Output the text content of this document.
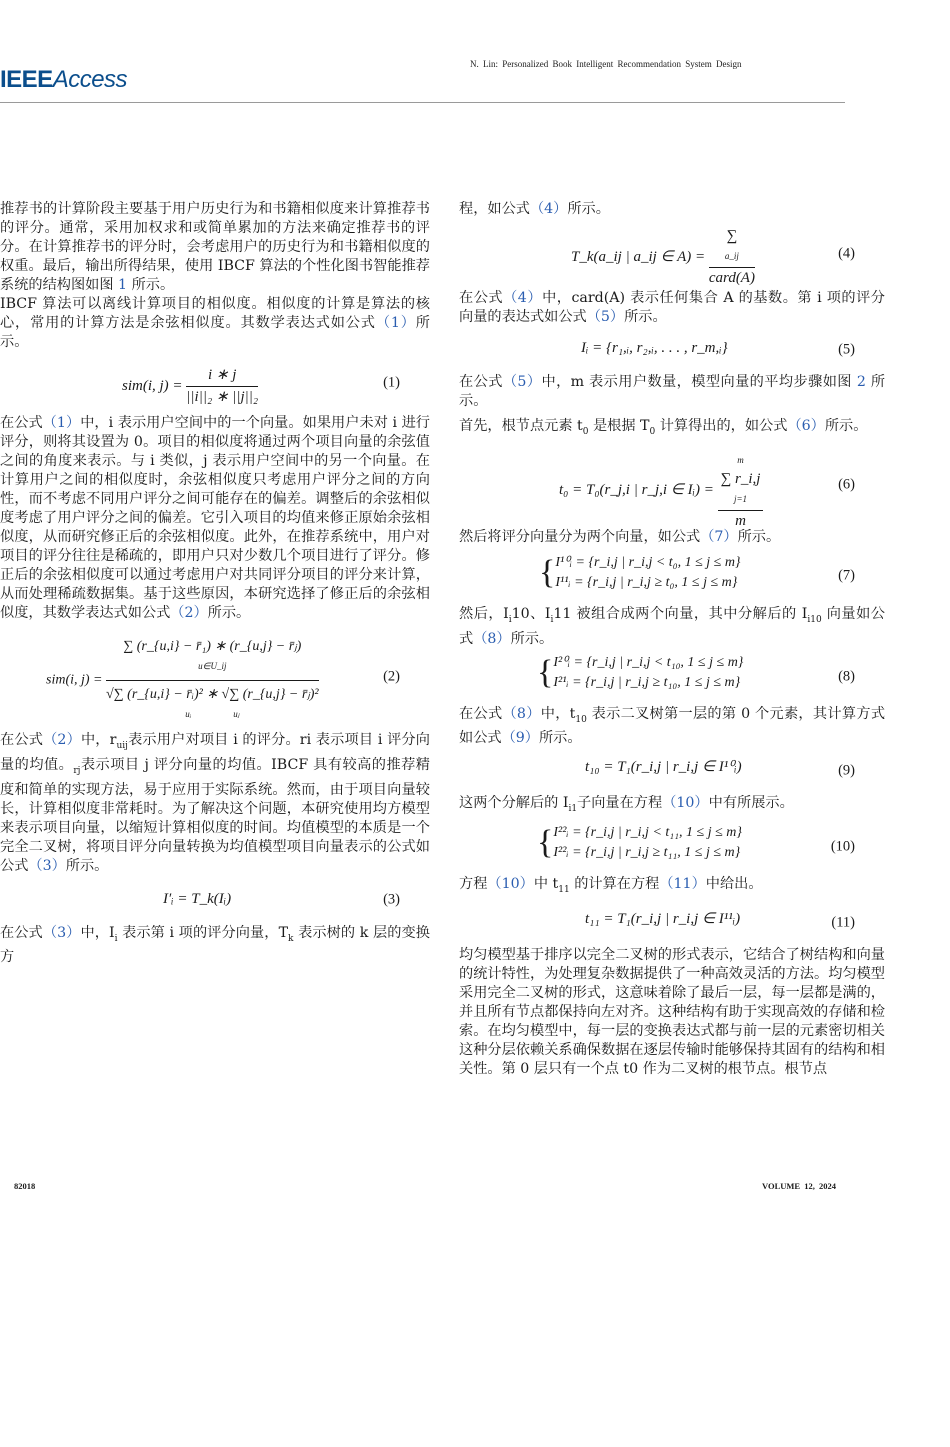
IEEEAccess
N. Lin: Personalized Book Intelligent Recommendation System Design

推荐书的计算阶段主要基于用户历史行为和书籍相似度来计算推荐书的评分。通常，采用加权求和或简单累加的方法来确定推荐书的评分。在计算推荐书的评分时，会考虑用户的历史行为和书籍相似度的权重。最后，输出所得结果，使用 IBCF 算法的个性化图书智能推荐系统的结构图如图 1 所示。

IBCF 算法可以离线计算项目的相似度。相似度的计算是算法的核心，常用的计算方法是余弦相似度。其数学表达式如公式（1）所示。

sim(i, $j) = \frac{i ∗ j}{\text{||i||₂ ∗ ||j||₂}}$	(1)

在公式（1）中，i 表示用户空间中的一个向量。如果用户未对 i 进行评分，则将其设置为 0。项目的相似度将通过两个项目向量的余弦值之间的角度来表示。与 i 类似，j 表示用户空间中的另一个向量。在计算用户之间的相似度时，余弦相似度只考虑用户评分之间的方向性，而不考虑不同用户评分之间可能存在的偏差。调整后的余弦相似度考虑了用户评分之间的偏差。它引入项目的均值来修正原始余弦相似度，从而研究修正后的余弦相似度。此外，在推荐系统中，用户对项目的评分往往是稀疏的，即用户只对少数几个项目进行了评分。修正后的余弦相似度可以通过考虑用户对共同评分项目的评分来计算，从而处理稀疏数据集。基于这些原因，本研究选择了修正后的余弦相似度，其数学表达式如公式（2）所示。

sim(i, j) =
∑ (r_{u,i} − r̄₁) ∗ (r_{u,j} − r̄ⱼ)
u∈U_ij
√∑ (r_{u,i} − r̄ᵢ)² ∗ √∑ (r_{u,j} − r̄ⱼ)²
uᵢ	uⱼ
(2)

在公式（2）中，$r_{uij}$表示用户对项目 i 的评分。ri 表示项目 i 评分向量的均值。$_{rj}$表示项目 j 评分向量的均值。IBCF 具有较高的推荐精度和简单的实现方法，易于应用于实际系统。然而，由于项目向量较长，计算相似度非常耗时。为了解决这个问题，本研究使用均方模型来表示项目向量，以缩短计算相似度的时间。均值模型的本质是一个完全二叉树，将项目评分向量转换为均值模型项目向量表示的公式如公式（3）所示。

I′ᵢ = T_k(Iᵢ)	(3)

在公式（3）中，$I_i$ 表示第 i 项的评分向量，$T_k$ 表示树的 k 层的变换方

程，如公式（4）所示。

T_k(a_ij | a_ij ∈ A) =
∑
a_ij
card(A)
(4)

在公式（4）中，card(A) 表示任何集合 A 的基数。第 i 项的评分向量的表达式如公式（5）所示。

Iᵢ = {r₁,ᵢ, r₂,ᵢ, . . . , r_m,ᵢ}	(5)

在公式（5）中，m 表示用户数量，模型向量的平均步骤如图 2 所示。

首先，根节点元素 $t_0$ 是根据 $T_0$ 计算得出的，如公式（6）所示。

t₀ = T₀(r_j,i | r_j,i ∈ Iᵢ) =
m
∑ r_i,j
j=1
m
(6)

然后将评分向量分为两个向量，如公式（7）所示。

{I¹⁰ᵢ = {r_i,j | r_i,j < t₀, 1 ≤ j ≤ m}
I¹¹ᵢ = {r_i,j | r_i,j ≥ t₀, 1 ≤ j ≤ m}	(7)

然后，$I_i10$、$I_i11$ 被组合成两个向量，其中分解后的 $I_{i10}$ 向量如公式（8）所示。

{I²⁰ᵢ = {r_i,j | r_i,j < t₁₀, 1 ≤ j ≤ m}
I²¹ᵢ = {r_i,j | r_i,j ≥ t₁₀, 1 ≤ j ≤ m}	(8)

在公式（8）中，$t_{10}$ 表示二叉树第一层的第 0 个元素，其计算方式如公式（9）所示。

t₁₀ = T₁(r_i,j | r_i,j ∈ I¹⁰ᵢ)	(9)

这两个分解后的 $I_{i1}$子向量在方程（10）中有所展示。

{I²²ᵢ = {r_i,j | r_i,j < t₁₁, 1 ≤ j ≤ m}
I²²ᵢ = {r_i,j | r_i,j ≥ t₁₁, 1 ≤ j ≤ m}	(10)

方程（10）中 $t_{11}$ 的计算在方程（11）中给出。

t₁₁ = T₁(r_i,j | r_i,j ∈ I¹¹ᵢ)	(11)

均匀模型基于排序以完全二叉树的形式表示，它结合了树结构和向量的统计特性，为处理复杂数据提供了一种高效灵活的方法。均匀模型采用完全二叉树的形式，这意味着除了最后一层，每一层都是满的，并且所有节点都保持向左对齐。这种结构有助于实现高效的存储和检索。在均匀模型中，每一层的变换表达式都与前一层的元素密切相关这种分层依赖关系确保数据在逐层传输时能够保持其固有的结构和相关性。第 0 层只有一个点 t0 作为二叉树的根节点。根节点

82018	VOLUME 12, 2024
